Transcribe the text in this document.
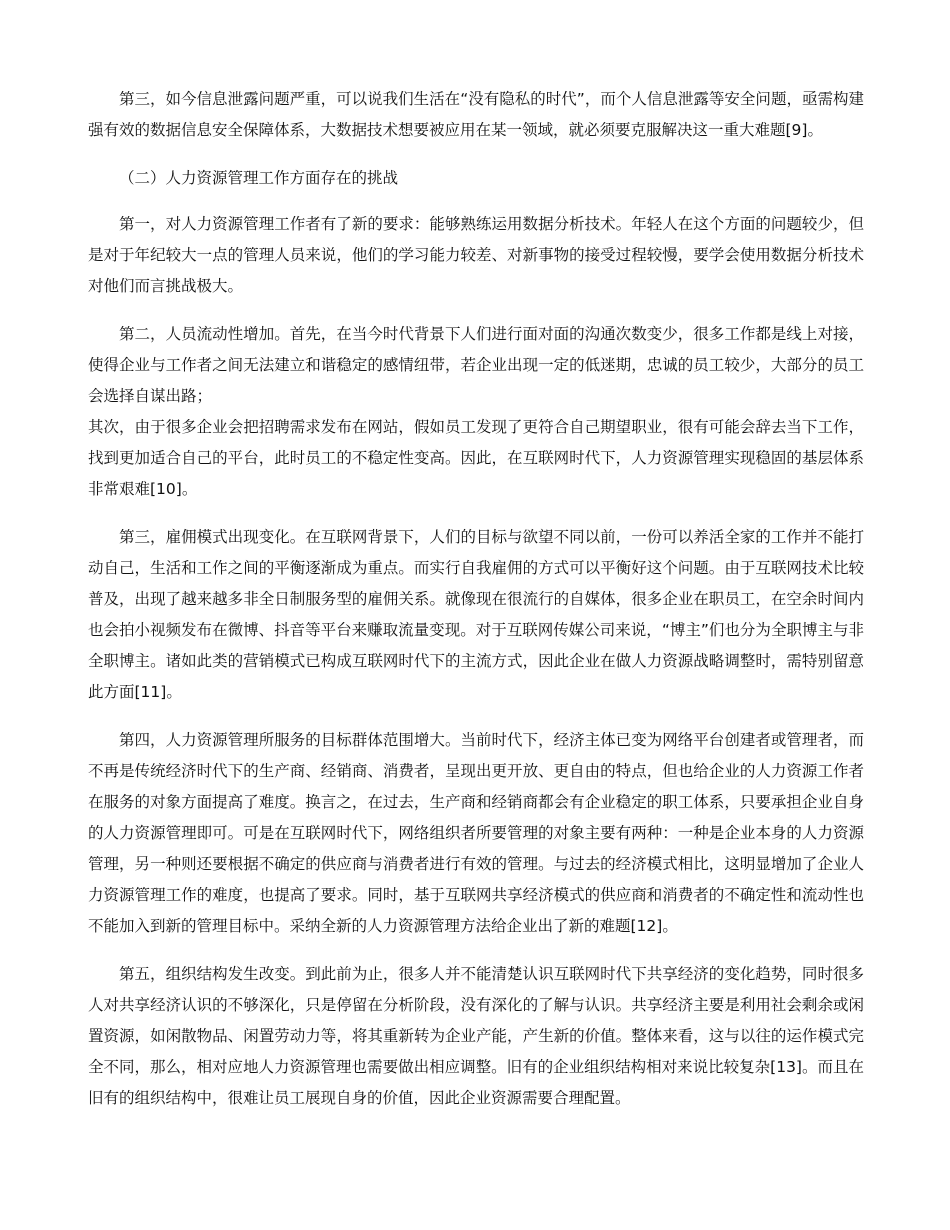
第三，如今信息泄露问题严重，可以说我们生活在“没有隐私的时代”，而个人信息泄露等安全问题，亟需构建强有效的数据信息安全保障体系，大数据技术想要被应用在某一领域，就必须要克服解决这一重大难题[9]。

（二）人力资源管理工作方面存在的挑战

第一，对人力资源管理工作者有了新的要求：能够熟练运用数据分析技术。年轻人在这个方面的问题较少，但是对于年纪较大一点的管理人员来说，他们的学习能力较差、对新事物的接受过程较慢，要学会使用数据分析技术对他们而言挑战极大。

第二，人员流动性增加。首先，在当今时代背景下人们进行面对面的沟通次数变少，很多工作都是线上对接，使得企业与工作者之间无法建立和谐稳定的感情纽带，若企业出现一定的低迷期，忠诚的员工较少，大部分的员工会选择自谋出路；

其次，由于很多企业会把招聘需求发布在网站，假如员工发现了更符合自己期望职业，很有可能会辞去当下工作，找到更加适合自己的平台，此时员工的不稳定性变高。因此，在互联网时代下，人力资源管理实现稳固的基层体系非常艰难[10]。

第三，雇佣模式出现变化。在互联网背景下，人们的目标与欲望不同以前，一份可以养活全家的工作并不能打动自己，生活和工作之间的平衡逐渐成为重点。而实行自我雇佣的方式可以平衡好这个问题。由于互联网技术比较普及，出现了越来越多非全日制服务型的雇佣关系。就像现在很流行的自媒体，很多企业在职员工，在空余时间内也会拍小视频发布在微博、抖音等平台来赚取流量变现。对于互联网传媒公司来说，“博主”们也分为全职博主与非全职博主。诸如此类的营销模式已构成互联网时代下的主流方式，因此企业在做人力资源战略调整时，需特别留意此方面[11]。

第四，人力资源管理所服务的目标群体范围增大。当前时代下，经济主体已变为网络平台创建者或管理者，而不再是传统经济时代下的生产商、经销商、消费者，呈现出更开放、更自由的特点，但也给企业的人力资源工作者在服务的对象方面提高了难度。换言之，在过去，生产商和经销商都会有企业稳定的职工体系，只要承担企业自身的人力资源管理即可。可是在互联网时代下，网络组织者所要管理的对象主要有两种：一种是企业本身的人力资源管理，另一种则还要根据不确定的供应商与消费者进行有效的管理。与过去的经济模式相比，这明显增加了企业人力资源管理工作的难度，也提高了要求。同时，基于互联网共享经济模式的供应商和消费者的不确定性和流动性也不能加入到新的管理目标中。采纳全新的人力资源管理方法给企业出了新的难题[12]。

第五，组织结构发生改变。到此前为止，很多人并不能清楚认识互联网时代下共享经济的变化趋势，同时很多人对共享经济认识的不够深化，只是停留在分析阶段，没有深化的了解与认识。共享经济主要是利用社会剩余或闲置资源，如闲散物品、闲置劳动力等，将其重新转为企业产能，产生新的价值。整体来看，这与以往的运作模式完全不同，那么，相对应地人力资源管理也需要做出相应调整。旧有的企业组织结构相对来说比较复杂[13]。而且在旧有的组织结构中，很难让员工展现自身的价值，因此企业资源需要合理配置。
